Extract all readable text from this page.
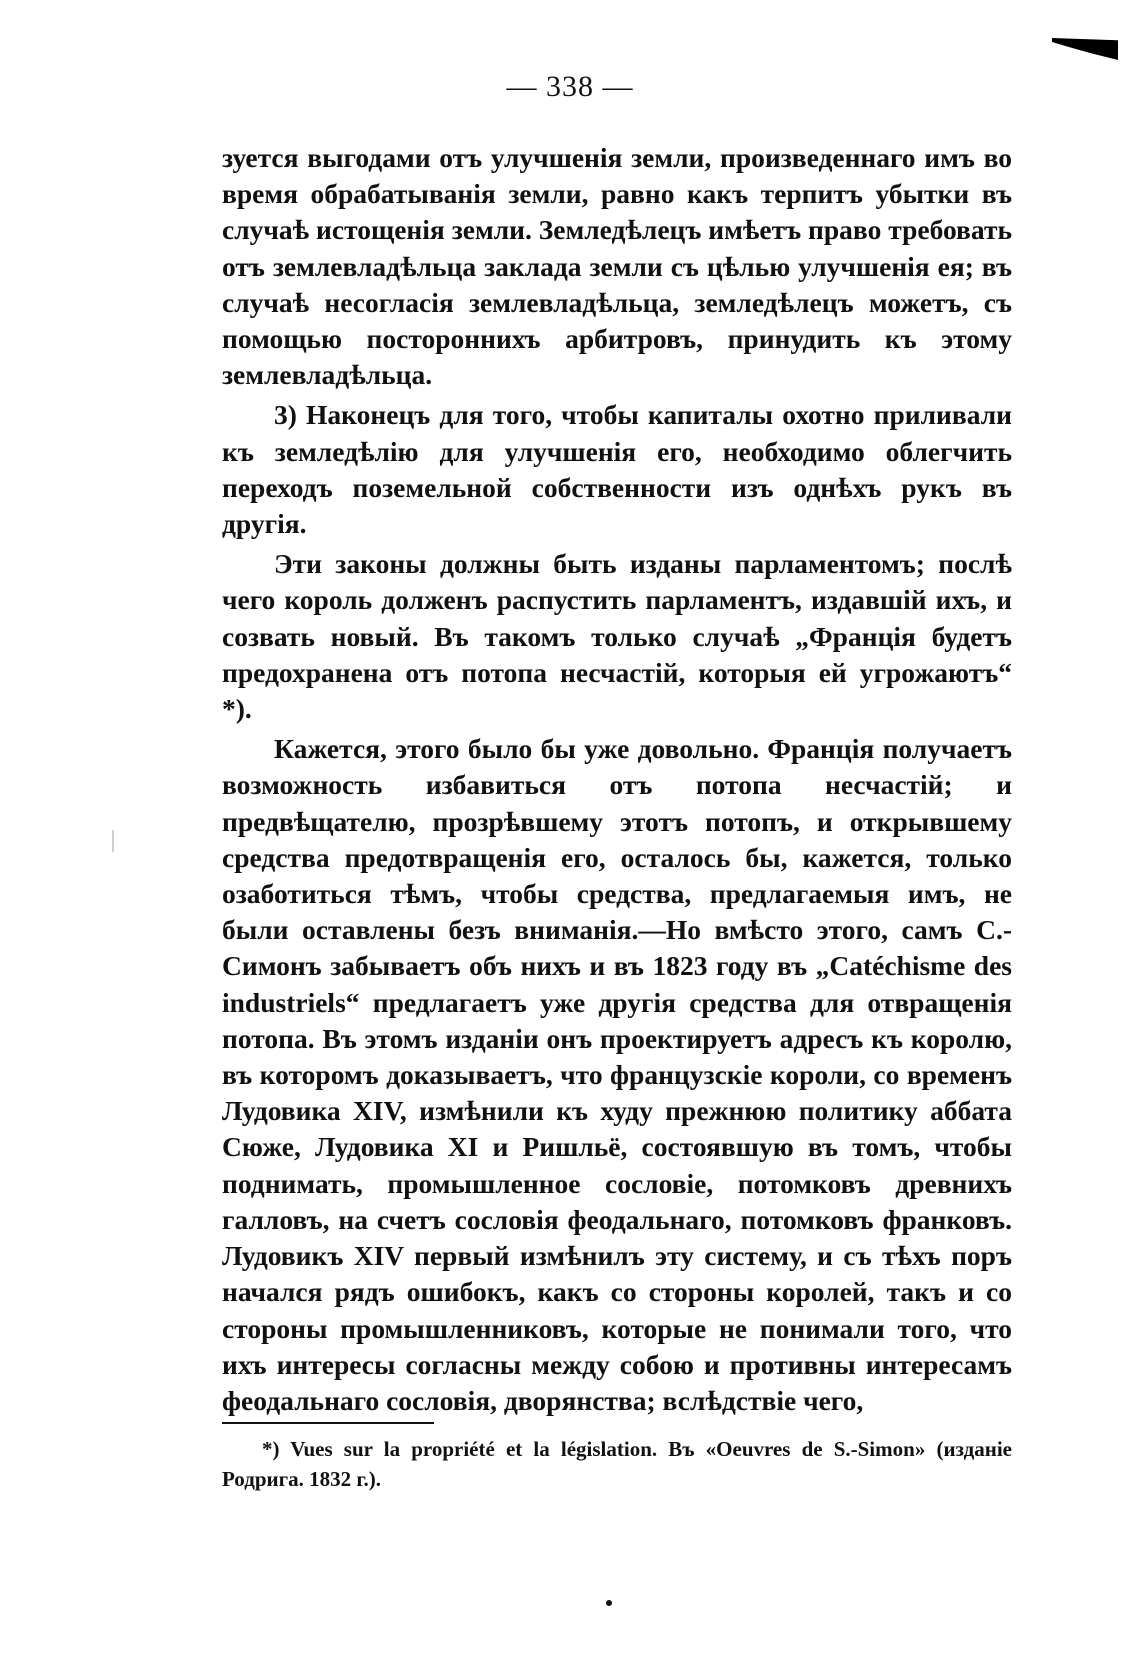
— 338 —

зуется выгодами отъ улучшенія земли, произведеннаго имъ во время обрабатыванія земли, равно какъ терпитъ убытки въ случаѣ истощенія земли. Земледѣлецъ имѣетъ право требовать отъ землевладѣльца заклада земли съ цѣлью улучшенія ея; въ случаѣ несогласія землевладѣльца, земледѣлецъ можетъ, съ помощью постороннихъ арбитровъ, принудить къ этому землевладѣльца.

3) Наконецъ для того, чтобы капиталы охотно приливали къ земледѣлію для улучшенія его, необходимо облегчить переходъ поземельной собственности изъ однѣхъ рукъ въ другія.

Эти законы должны быть изданы парламентомъ; послѣ чего король долженъ распустить парламентъ, издавшій ихъ, и созвать новый. Въ такомъ только случаѣ „Франція будетъ предохранена отъ потопа несчастій, которыя ей угрожаютъ“ *).

Кажется, этого было бы уже довольно. Франція получаетъ возможность избавиться отъ потопа несчастій; и предвѣщателю, прозрѣвшему этотъ потопъ, и открывшему средства предотвращенія его, осталось бы, кажется, только озаботиться тѣмъ, чтобы средства, предлагаемыя имъ, не были оставлены безъ вниманія.—Но вмѣсто этого, самъ С.-Симонъ забываетъ объ нихъ и въ 1823 году въ „Catéchisme des industriels“ предлагаетъ уже другія средства для отвращенія потопа. Въ этомъ изданіи онъ проектируетъ адресъ къ королю, въ которомъ доказываетъ, что французскіе короли, со временъ Лудовика XIV, измѣнили къ худу прежнюю политику аббата Сюже, Лудовика XI и Ришльё, состоявшую въ томъ, чтобы поднимать, промышленное сословіе, потомковъ древнихъ галловъ, на счетъ сословія феодальнаго, потомковъ франковъ. Лудовикъ XIV первый измѣнилъ эту систему, и съ тѣхъ поръ начался рядъ ошибокъ, какъ со стороны королей, такъ и со стороны промышленниковъ, которые не понимали того, что ихъ интересы согласны между собою и противны интересамъ феодальнаго сословія, дворянства; вслѣдствіе чего,

*) Vues sur la propriété et la législation. Въ «Oeuvres de S.-Simon» (изданіе Родрига. 1832 г.).
